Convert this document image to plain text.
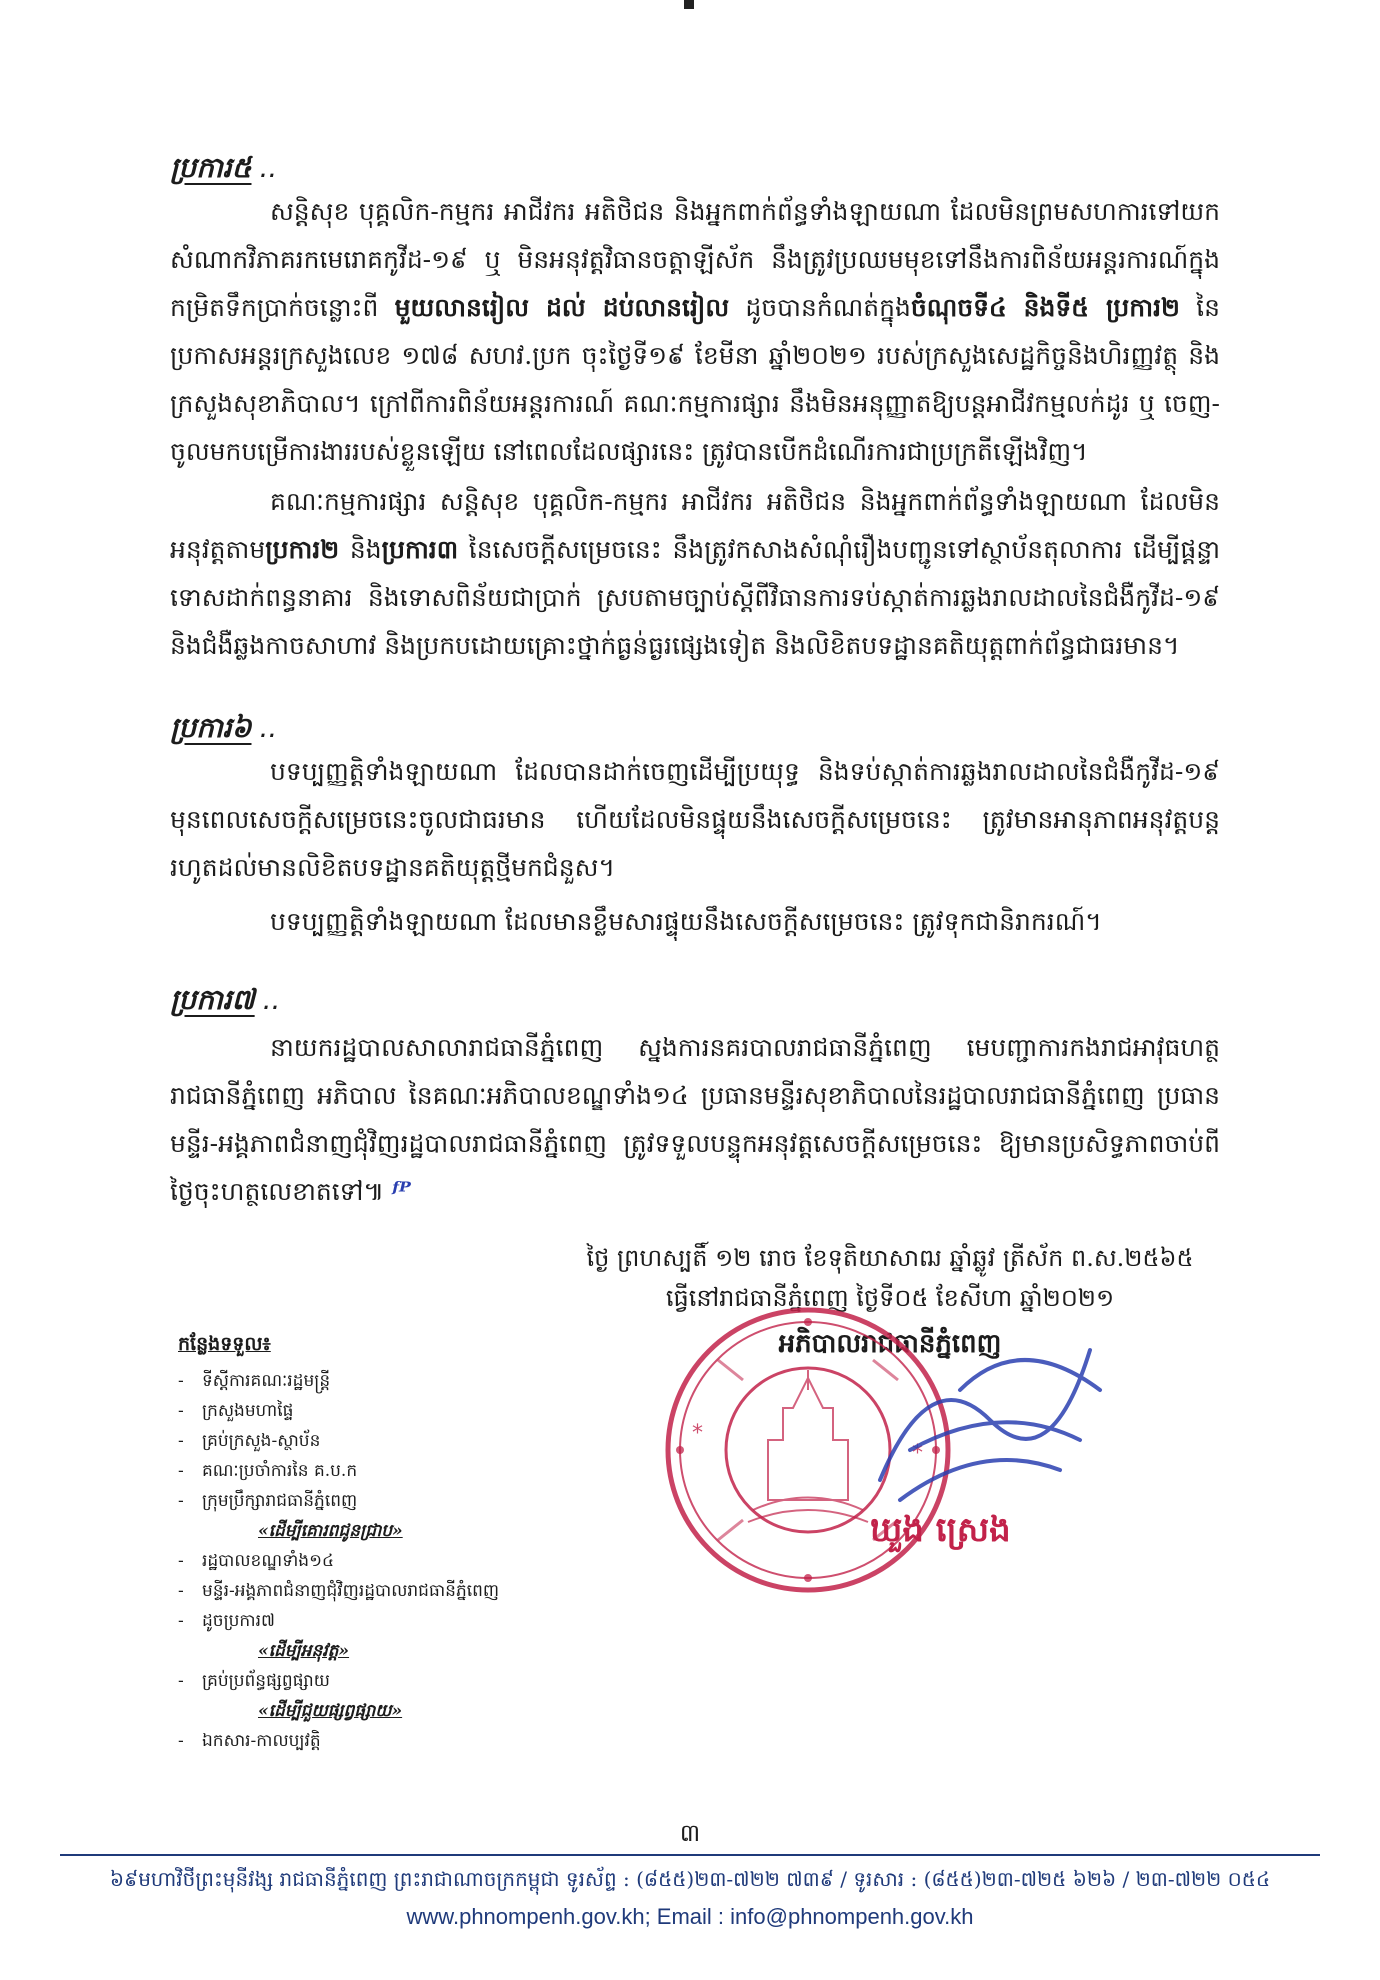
ប្រការ៥ ..

សន្តិសុខ បុគ្គលិក-កម្មករ អាជីវករ អតិថិជន និងអ្នកពាក់ព័ន្ធទាំងឡាយណា ដែលមិនព្រមសហការទៅយកសំណាកវិភាគរកមេរោគកូវីដ-១៩ ឬ មិនអនុវត្តវិធានចត្តាឡីស័ក នឹងត្រូវប្រឈមមុខទៅនឹងការពិន័យអន្តរការណ៍ក្នុងកម្រិតទឹកប្រាក់ចន្លោះពី មួយលានរៀល ដល់ ដប់លានរៀល ដូចបានកំណត់ក្នុងចំណុចទី៤ និងទី៥ ប្រការ២ នៃប្រកាសអន្តរក្រសួងលេខ ១៧៨ សហវ.ប្រក ចុះថ្ងៃទី១៩ ខែមីនា ឆ្នាំ២០២១ របស់ក្រសួងសេដ្ឋកិច្ចនិងហិរញ្ញវត្ថុ និងក្រសួងសុខាភិបាល។ ក្រៅពីការពិន័យអន្តរការណ៍ គណៈកម្មការផ្សារ នឹងមិនអនុញ្ញាតឱ្យបន្តអាជីវកម្មលក់ដូរ ឬ ចេញ-ចូលមកបម្រើការងាររបស់ខ្លួនឡើយ នៅពេលដែលផ្សារនេះ ត្រូវបានបើកដំណើរការជាប្រក្រតីឡើងវិញ។

គណៈកម្មការផ្សារ សន្តិសុខ បុគ្គលិក-កម្មករ អាជីវករ អតិថិជន និងអ្នកពាក់ព័ន្ធទាំងឡាយណា ដែលមិនអនុវត្តតាមប្រការ២ និងប្រការ៣ នៃសេចក្តីសម្រេចនេះ នឹងត្រូវកសាងសំណុំរឿងបញ្ជូនទៅស្ថាប័នតុលាការ ដើម្បីផ្តន្ទាទោសដាក់ពន្ធនាគារ និងទោសពិន័យជាប្រាក់ ស្របតាមច្បាប់ស្តីពីវិធានការទប់ស្កាត់ការឆ្លងរាលដាលនៃជំងឺកូវីដ-១៩ និងជំងឺឆ្លងកាចសាហាវ និងប្រកបដោយគ្រោះថ្នាក់ធ្ងន់ធ្ងរផ្សេងទៀត និងលិខិតបទដ្ឋានគតិយុត្តពាក់ព័ន្ធជាធរមាន។

ប្រការ៦ ..

បទប្បញ្ញត្តិទាំងឡាយណា ដែលបានដាក់ចេញដើម្បីប្រយុទ្ធ និងទប់ស្កាត់ការឆ្លងរាលដាលនៃជំងឺកូវីដ-១៩ មុនពេលសេចក្តីសម្រេចនេះចូលជាធរមាន ហើយដែលមិនផ្ទុយនឹងសេចក្តីសម្រេចនេះ ត្រូវមានអានុភាពអនុវត្តបន្តរហូតដល់មានលិខិតបទដ្ឋានគតិយុត្តថ្មីមកជំនួស។

បទប្បញ្ញត្តិទាំងឡាយណា ដែលមានខ្លឹមសារផ្ទុយនឹងសេចក្តីសម្រេចនេះ ត្រូវទុកជានិរាករណ៍។

ប្រការ៧ ..

នាយករដ្ឋបាលសាលារាជធានីភ្នំពេញ ស្នងការនគរបាលរាជធានីភ្នំពេញ មេបញ្ជាការកងរាជអាវុធហត្ថរាជធានីភ្នំពេញ អភិបាល នៃគណៈអភិបាលខណ្ឌទាំង១៤ ប្រធានមន្ទីរសុខាភិបាលនៃរដ្ឋបាលរាជធានីភ្នំពេញ ប្រធានមន្ទីរ-អង្គភាពជំនាញជុំវិញរដ្ឋបាលរាជធានីភ្នំពេញ ត្រូវទទួលបន្ទុកអនុវត្តសេចក្តីសម្រេចនេះ ឱ្យមានប្រសិទ្ធភាពចាប់ពីថ្ងៃចុះហត្ថលេខាតទៅ៕ ᶠᴾ

ថ្ងៃ ព្រហស្បតិ៍ ១២ រោច ខែទុតិយាសាឍ ឆ្នាំឆ្លូវ ត្រីស័ក ព.ស.២៥៦៥
ធ្វើនៅរាជធានីភ្នំពេញ ថ្ងៃទី០៥ ខែសីហា ឆ្នាំ២០២១
អភិបាលរាជធានីភ្នំពេញ
*
*
ឃួង ស្រេង
កន្លែងទទួល៖
- ទីស្តីការគណៈរដ្ឋមន្ត្រី
- ក្រសួងមហាផ្ទៃ
- គ្រប់ក្រសួង-ស្ថាប័ន
- គណៈប្រចាំការនៃ គ.ប.ក
- ក្រុមប្រឹក្សារាជធានីភ្នំពេញ
«ដើម្បីគោរពជូនជ្រាប»
- រដ្ឋបាលខណ្ឌទាំង១៤
- មន្ទីរ-អង្គភាពជំនាញជុំវិញរដ្ឋបាលរាជធានីភ្នំពេញ
- ដូចប្រការ៧
«ដើម្បីអនុវត្ត»
- គ្រប់ប្រព័ន្ធផ្សព្វផ្សាយ
«ដើម្បីជួយផ្សព្វផ្សាយ»
- ឯកសារ-កាលប្បវត្តិ
៣
៦៩មហាវិថីព្រះមុនីវង្ស រាជធានីភ្នំពេញ ព្រះរាជាណាចក្រកម្ពុជា ទូរស័ព្ទ : (៨៥៥)២៣-៧២២ ៧៣៩ / ទូរសារ : (៨៥៥)២៣-៧២៥ ៦២៦ / ២៣-៧២២ ០៥៤
www.phnompenh.gov.kh; Email : info@phnompenh.gov.kh
